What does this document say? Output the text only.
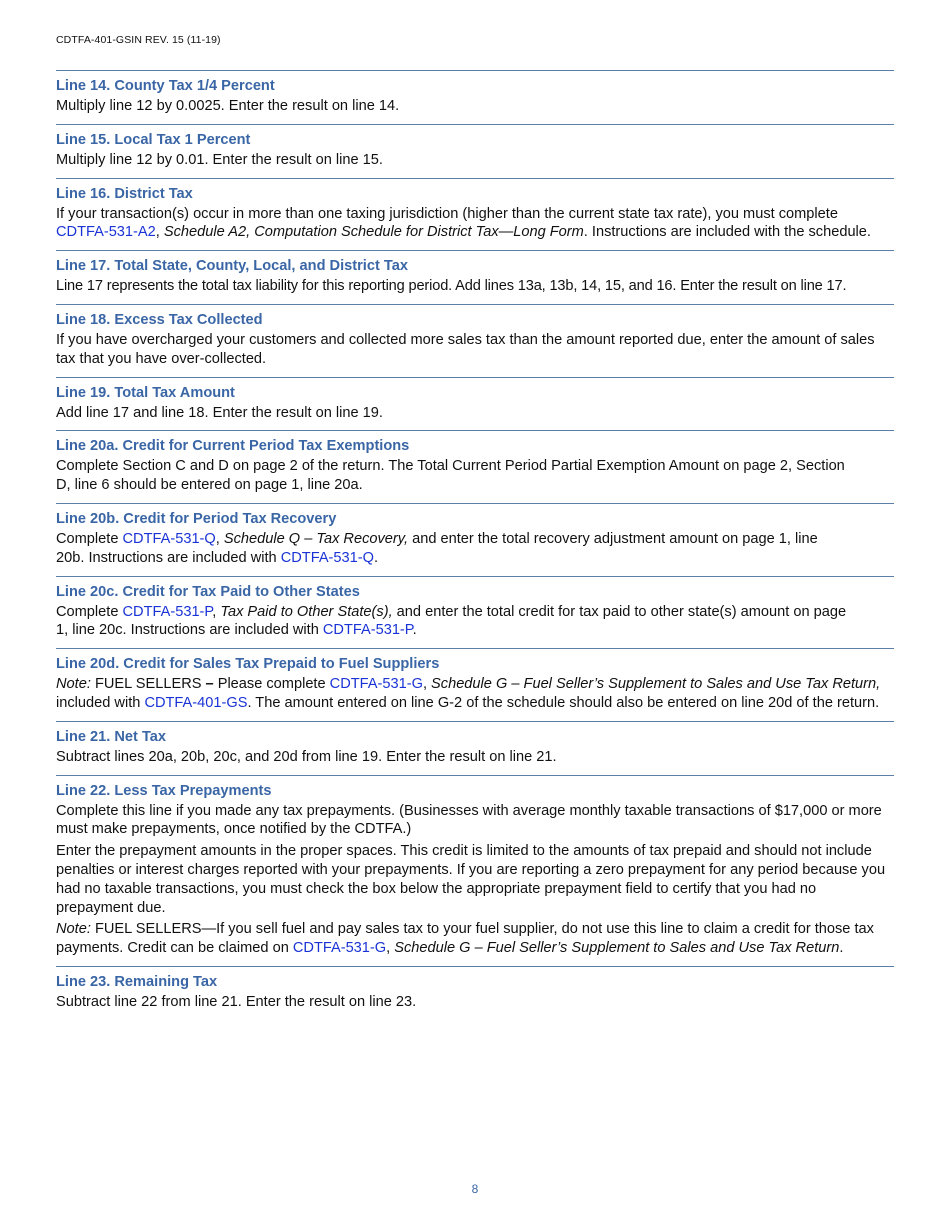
CDTFA-401-GSIN REV. 15 (11-19)
Line 14. County Tax 1/4 Percent

Multiply line 12 by 0.0025. Enter the result on line 14.

Line 15. Local Tax 1 Percent

Multiply line 12 by 0.01. Enter the result on line 15.

Line 16. District Tax

If your transaction(s) occur in more than one taxing jurisdiction (higher than the current state tax rate), you must complete CDTFA-531-A2, Schedule A2, Computation Schedule for District Tax—Long Form. Instructions are included with the schedule.

Line 17. Total State, County, Local, and District Tax

Line 17 represents the total tax liability for this reporting period. Add lines 13a, 13b, 14, 15, and 16. Enter the result on line 17.

Line 18. Excess Tax Collected

If you have overcharged your customers and collected more sales tax than the amount reported due, enter the amount of sales tax that you have over-collected.

Line 19. Total Tax Amount

Add line 17 and line 18. Enter the result on line 19.

Line 20a. Credit for Current Period Tax Exemptions

Complete Section C and D on page 2 of the return. The Total Current Period Partial Exemption Amount on page 2, Section D, line 6 should be entered on page 1, line 20a.

Line 20b. Credit for Period Tax Recovery

Complete CDTFA-531-Q, Schedule Q – Tax Recovery, and enter the total recovery adjustment amount on page 1, line 20b. Instructions are included with CDTFA-531-Q.

Line 20c. Credit for Tax Paid to Other States

Complete CDTFA-531-P, Tax Paid to Other State(s), and enter the total credit for tax paid to other state(s) amount on page 1, line 20c. Instructions are included with CDTFA-531-P.

Line 20d. Credit for Sales Tax Prepaid to Fuel Suppliers

Note: FUEL SELLERS – Please complete CDTFA-531-G, Schedule G – Fuel Seller’s Supplement to Sales and Use Tax Return, included with CDTFA-401-GS. The amount entered on line G-2 of the schedule should also be entered on line 20d of the return.

Line 21. Net Tax

Subtract lines 20a, 20b, 20c, and 20d from line 19. Enter the result on line 21.

Line 22. Less Tax Prepayments

Complete this line if you made any tax prepayments. (Businesses with average monthly taxable transactions of $17,000 or more must make prepayments, once notified by the CDTFA.)

Enter the prepayment amounts in the proper spaces. This credit is limited to the amounts of tax prepaid and should not include penalties or interest charges reported with your prepayments. If you are reporting a zero prepayment for any period because you had no taxable transactions, you must check the box below the appropriate prepayment field to certify that you had no prepayment due.

Note: FUEL SELLERS—If you sell fuel and pay sales tax to your fuel supplier, do not use this line to claim a credit for those tax payments. Credit can be claimed on CDTFA-531-G, Schedule G – Fuel Seller’s Supplement to Sales and Use Tax Return.

Line 23. Remaining Tax

Subtract line 22 from line 21. Enter the result on line 23.

8
